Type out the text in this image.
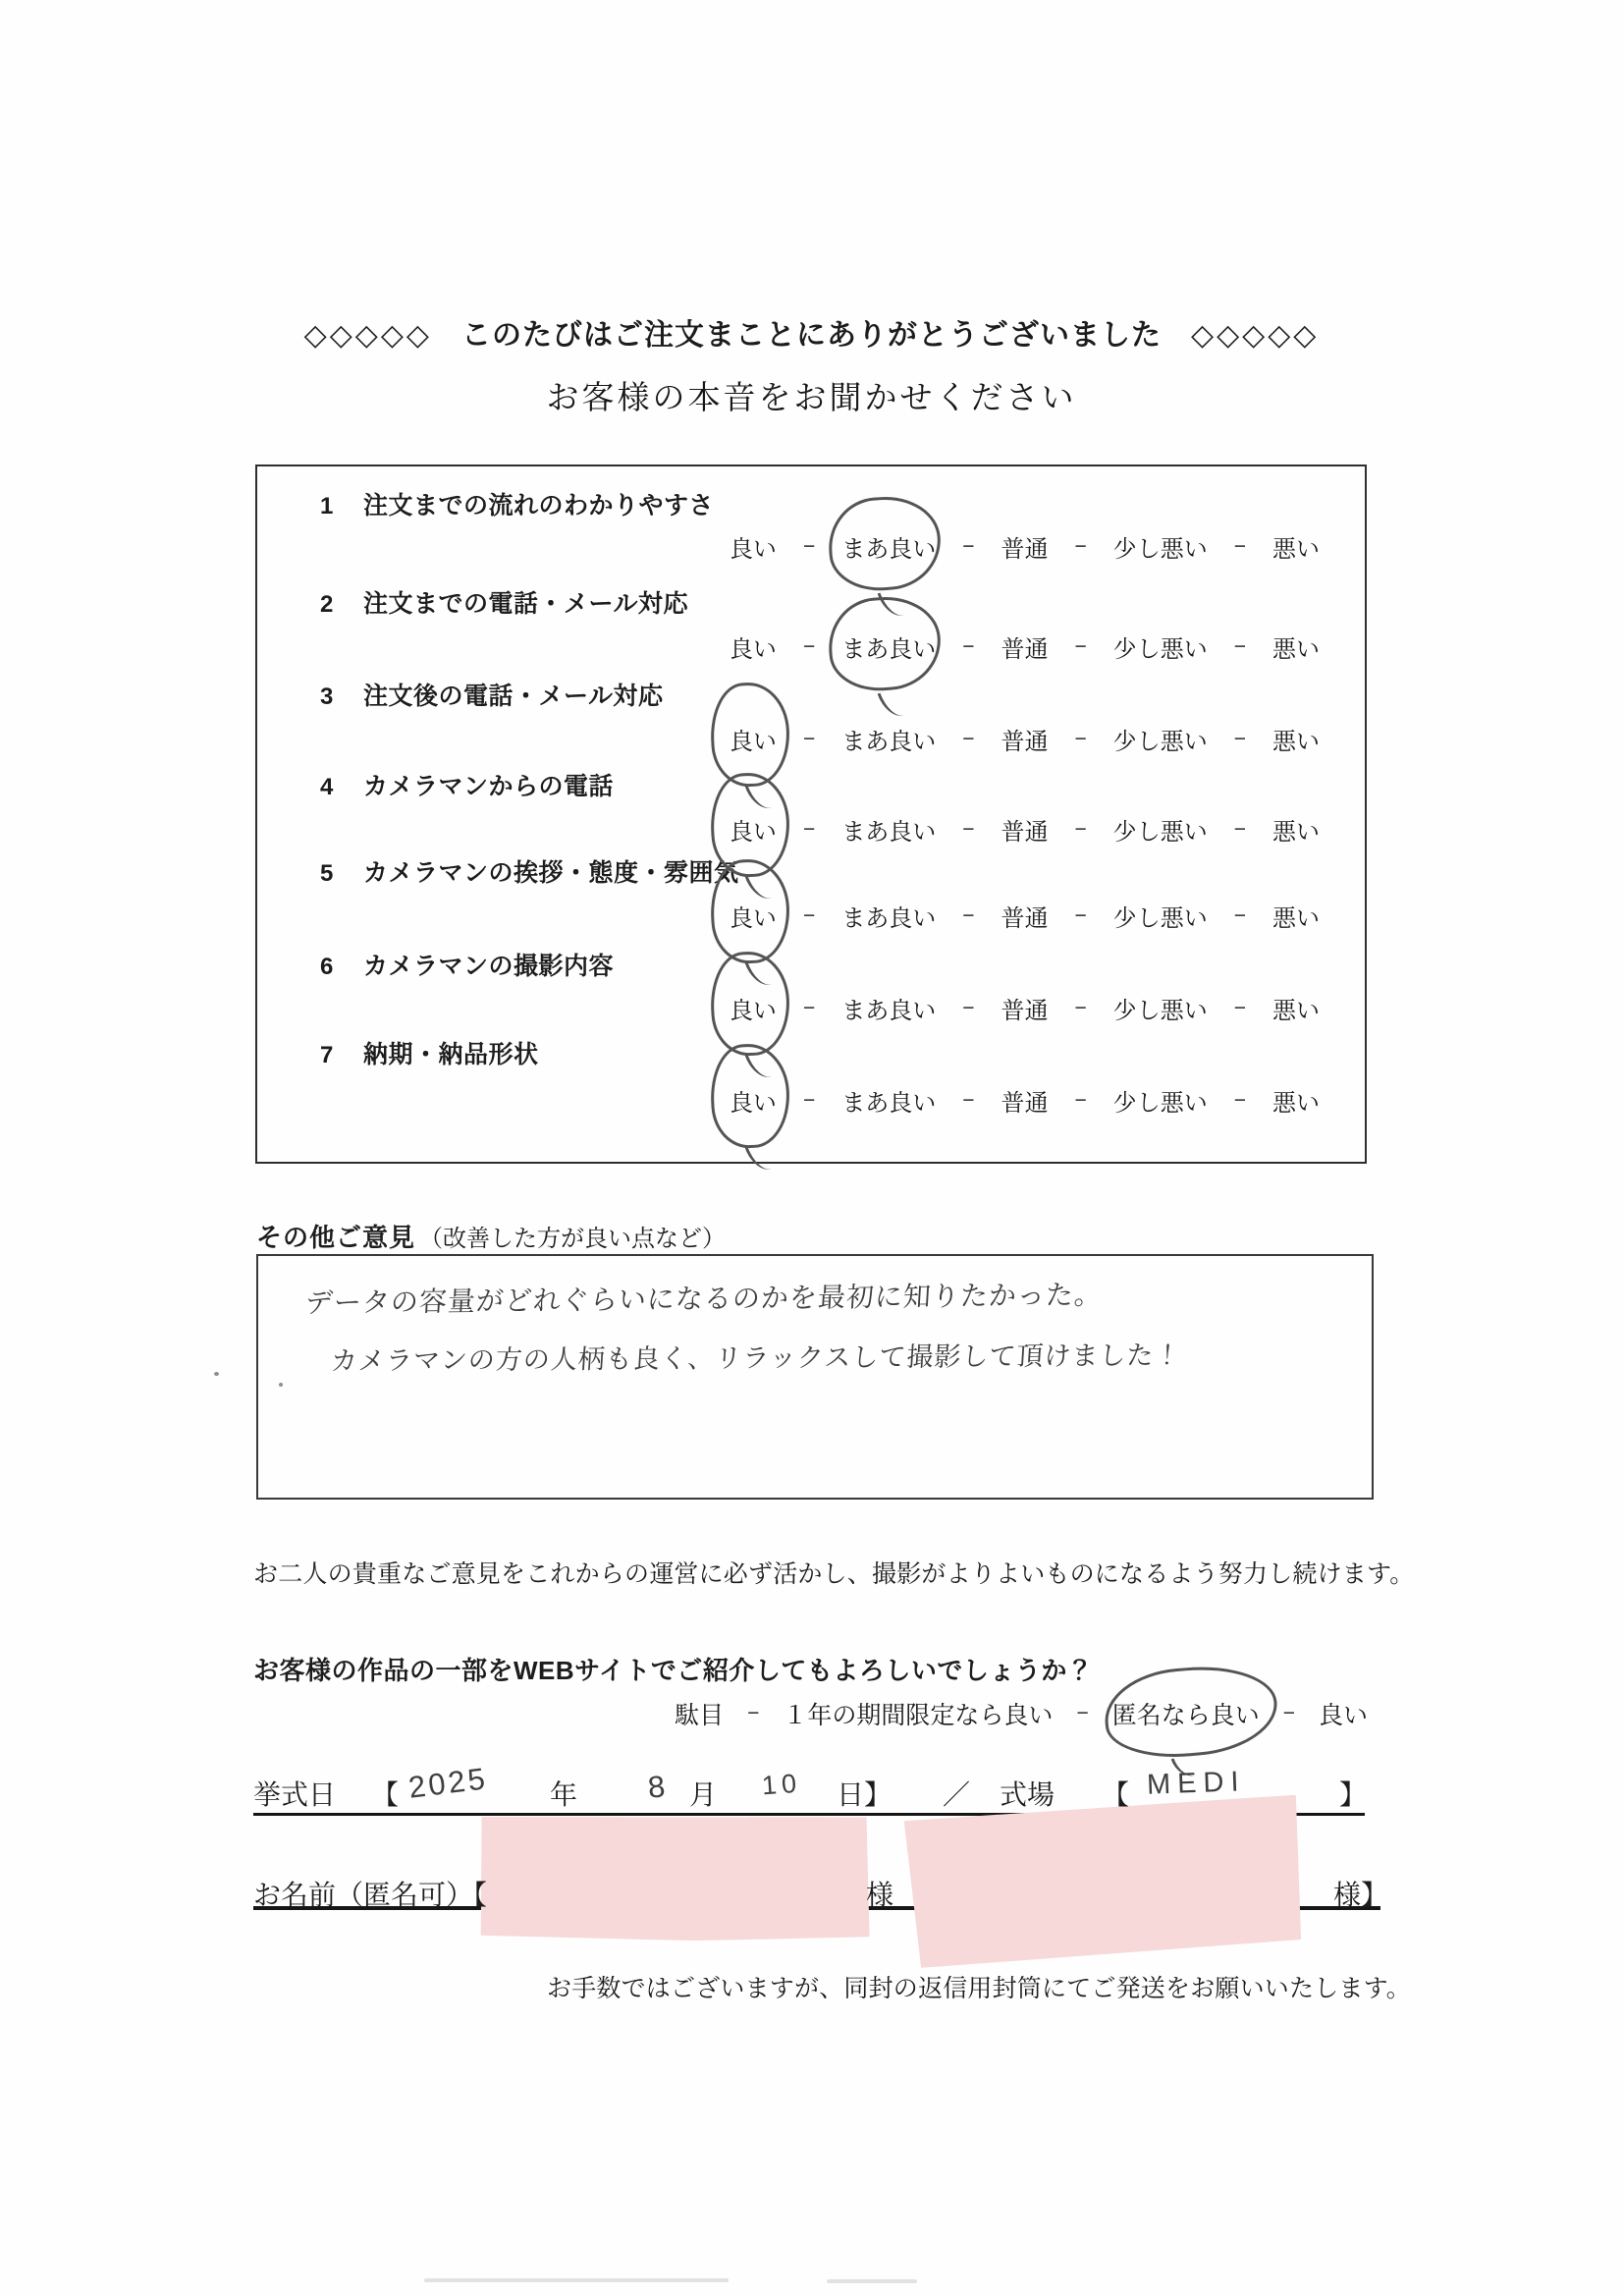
◇◇◇◇◇ このたびはご注文まことにありがとうございました ◇◇◇◇◇
お客様の本音をお聞かせください
1 注文までの流れのわかりやすさ
良い − まあ良い − 普通 − 少し悪い − 悪い
2 注文までの電話・メール対応
良い − まあ良い − 普通 − 少し悪い − 悪い
3 注文後の電話・メール対応
良い − まあ良い − 普通 − 少し悪い − 悪い
4 カメラマンからの電話
良い − まあ良い − 普通 − 少し悪い − 悪い
5 カメラマンの挨拶・態度・雰囲気
良い − まあ良い − 普通 − 少し悪い − 悪い
6 カメラマンの撮影内容
良い − まあ良い − 普通 − 少し悪い − 悪い
7 納期・納品形状
良い − まあ良い − 普通 − 少し悪い − 悪い
その他ご意見 （改善した方が良い点など）
データの容量がどれぐらいになるのかを最初に知りたかった。
カメラマンの方の人柄も良く、リラックスして撮影して頂けました！
お二人の貴重なご意見をこれからの運営に必ず活かし、撮影がよりよいものになるよう努力し続けます。
お客様の作品の一部をWEBサイトでご紹介してもよろしいでしょうか？
駄目 − １年の期間限定なら良い − 匿名なら良い − 良い
挙式日 【 2025 年 8 月 10 日】 ／ 式場 【 MEDI	】
お名前（匿名可）【	様	様】
お手数ではございますが、同封の返信用封筒にてご発送をお願いいたします。
